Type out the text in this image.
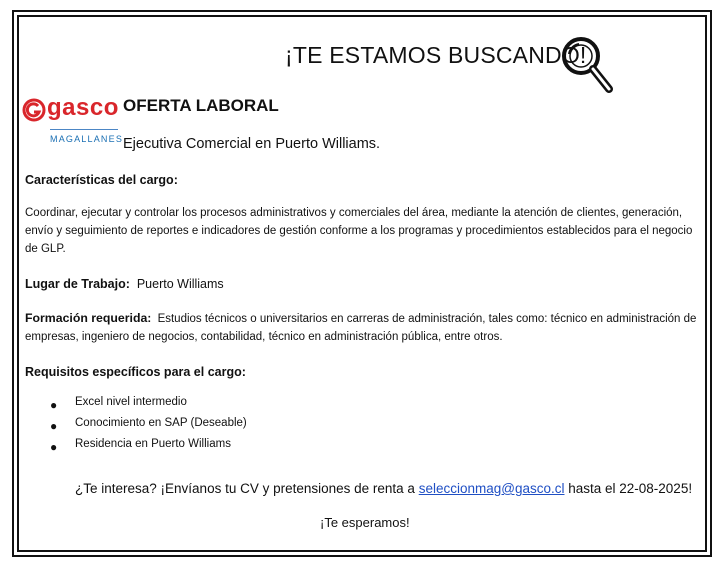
¡TE ESTAMOS BUSCANDO!
gasco
MAGALLANES
OFERTA LABORAL
Ejecutiva Comercial en Puerto Williams.
Características del cargo:
Coordinar, ejecutar y controlar los procesos administrativos y comerciales del área, mediante la atención de clientes, generación, envío y seguimiento de reportes e indicadores de gestión conforme a los programas y procedimientos establecidos para el negocio de GLP.
Lugar de Trabajo: Puerto Williams
Formación requerida: Estudios técnicos o universitarios en carreras de administración, tales como: técnico en administración de empresas, ingeniero de negocios, contabilidad, técnico en administración pública, entre otros.
Requisitos específicos para el cargo:
● Excel nivel intermedio
● Conocimiento en SAP (Deseable)
● Residencia en Puerto Williams
¿Te interesa? ¡Envíanos tu CV y pretensiones de renta a seleccionmag@gasco.cl hasta el 22-08-2025!
¡Te esperamos!
